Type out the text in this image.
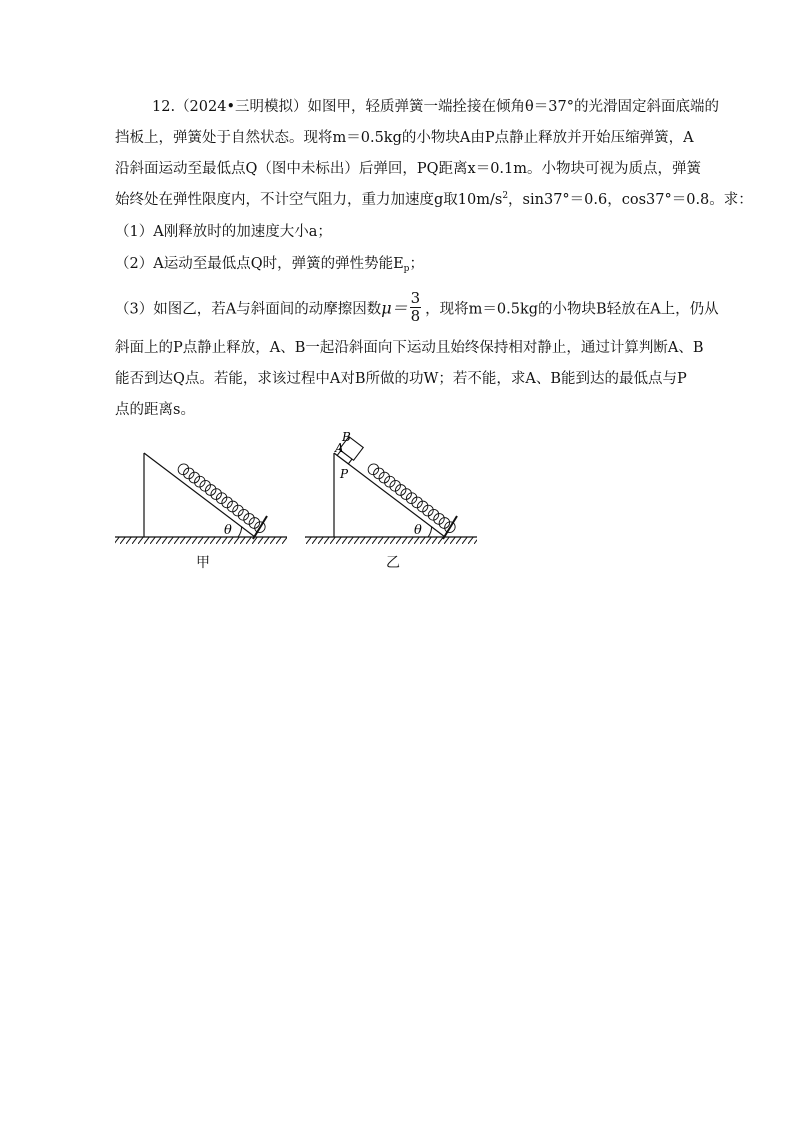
12.（2024•三明模拟）如图甲，轻质弹簧一端拴接在倾角θ＝37°的光滑固定斜面底端的
挡板上，弹簧处于自然状态。现将m＝0.5kg的小物块A由P点静止释放并开始压缩弹簧，A
沿斜面运动至最低点Q（图中未标出）后弹回，PQ距离x＝0.1m。小物块可视为质点，弹簧
始终处在弹性限度内，不计空气阻力，重力加速度g取$10m/s^2$，sin37°＝0.6，cos37°＝0.8。求：
（1）A刚释放时的加速度大小a；
（2）A运动至最低点Q时，弹簧的弹性势能$E_p$；
（3）如图乙，若A与斜面间的动摩擦因数$\mu= \frac{3}{8}$ ，现将m＝0.5kg的小物块B轻放在A上，仍从
斜面上的P点静止释放，A、B一起沿斜面向下运动且始终保持相对静止，通过计算判断A、B
能否到达Q点。若能，求该过程中A对B所做的功W；若不能，求A、B能到达的最低点与P
点的距离s。
θ
A
B
P
θ
甲	乙
